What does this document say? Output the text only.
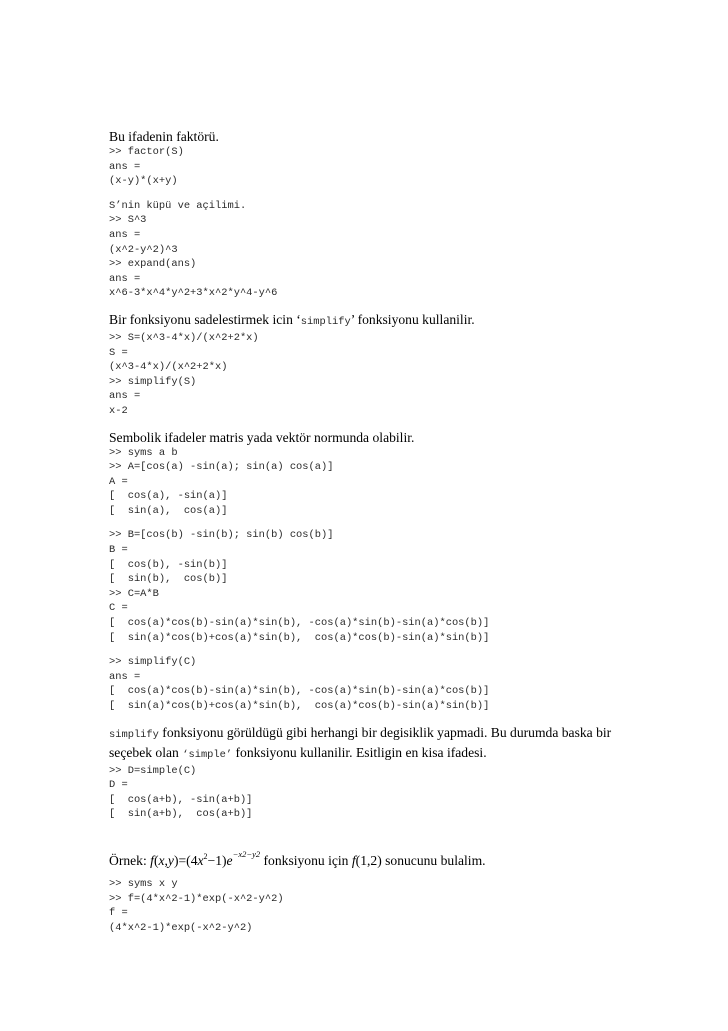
Bu ifadenin faktörü.

>> factor(S)

ans =

(x-y)*(x+y)

S’nin küpü ve açilimi.

>> S^3

ans =

(x^2-y^2)^3

>> expand(ans)

ans =

x^6-3*x^4*y^2+3*x^2*y^4-y^6

Bir fonksiyonu sadelestirmek icin ‘simplify’ fonksiyonu kullanilir.

>> S=(x^3-4*x)/(x^2+2*x)

S =

(x^3-4*x)/(x^2+2*x)

>> simplify(S)

ans =

x-2

Sembolik ifadeler matris yada vektör normunda olabilir.

>> syms a b

>> A=[cos(a) -sin(a); sin(a) cos(a)]

A =

[  cos(a), -sin(a)]

[  sin(a),  cos(a)]

>> B=[cos(b) -sin(b); sin(b) cos(b)]

B =

[  cos(b), -sin(b)]

[  sin(b),  cos(b)]

>> C=A*B

C =

[  cos(a)*cos(b)-sin(a)*sin(b), -cos(a)*sin(b)-sin(a)*cos(b)]

[  sin(a)*cos(b)+cos(a)*sin(b),  cos(a)*cos(b)-sin(a)*sin(b)]

>> simplify(C)

ans =

[  cos(a)*cos(b)-sin(a)*sin(b), -cos(a)*sin(b)-sin(a)*cos(b)]

[  sin(a)*cos(b)+cos(a)*sin(b),  cos(a)*cos(b)-sin(a)*sin(b)]

simplify fonksiyonu görüldügü gibi herhangi bir degisiklik yapmadi. Bu durumda baska bir

seçebek olan ‘simple’ fonksiyonu kullanilir. Esitligin en kisa ifadesi.

>> D=simple(C)

D =

[  cos(a+b), -sin(a+b)]

[  sin(a+b),  cos(a+b)]

Örnek: $f(x,y)=(4x^2-1)e^{-x2-y2}$ fonksiyonu için f(1,2) sonucunu bulalim.

>> syms x y

>> f=(4*x^2-1)*exp(-x^2-y^2)

f =

(4*x^2-1)*exp(-x^2-y^2)
